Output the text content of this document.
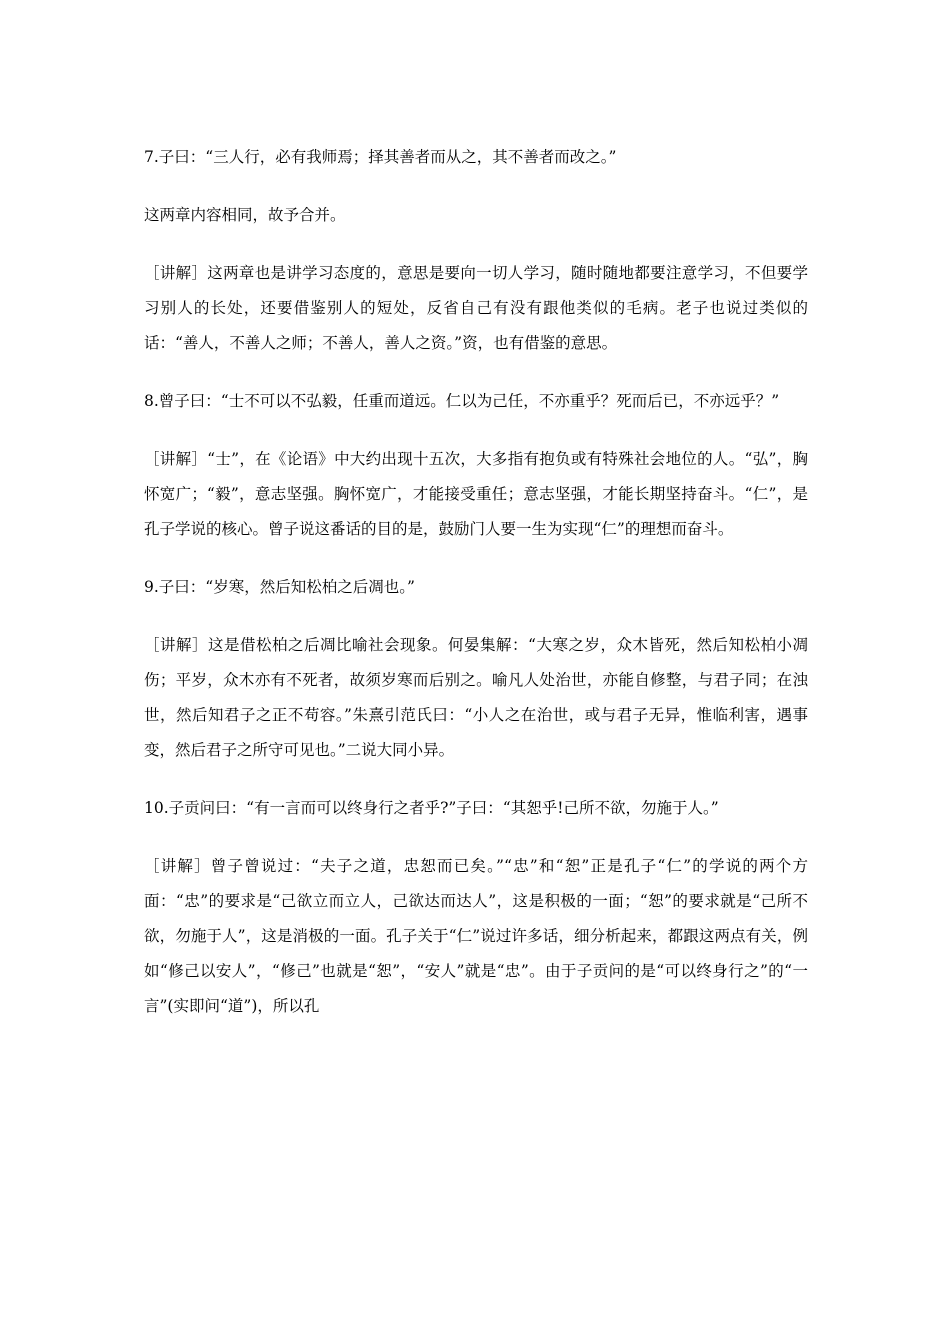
7.子曰：“三人行，必有我师焉；择其善者而从之，其不善者而改之。”

这两章内容相同，故予合并。

［讲解］这两章也是讲学习态度的，意思是要向一切人学习，随时随地都要注意学习，不但要学习别人的长处，还要借鉴别人的短处，反省自己有没有跟他类似的毛病。老子也说过类似的话：“善人，不善人之师；不善人，善人之资。”资，也有借鉴的意思。

8.曾子曰：“士不可以不弘毅，任重而道远。仁以为己任，不亦重乎？死而后已，不亦远乎？”

［讲解］“士”，在《论语》中大约出现十五次，大多指有抱负或有特殊社会地位的人。“弘”，胸怀宽广；“毅”，意志坚强。胸怀宽广，才能接受重任；意志坚强，才能长期坚持奋斗。“仁”，是孔子学说的核心。曾子说这番话的目的是，鼓励门人要一生为实现“仁”的理想而奋斗。

9.子曰：“岁寒，然后知松柏之后凋也。”

［讲解］这是借松柏之后凋比喻社会现象。何晏集解：“大寒之岁，众木皆死，然后知松柏小凋伤；平岁，众木亦有不死者，故须岁寒而后别之。喻凡人处治世，亦能自修整，与君子同；在浊世，然后知君子之正不苟容。”朱熹引范氏曰：“小人之在治世，或与君子无异，惟临利害，遇事变，然后君子之所守可见也。”二说大同小异。

10.子贡问曰：“有一言而可以终身行之者乎?”子曰：“其恕乎!己所不欲，勿施于人。”

［讲解］曾子曾说过：“夫子之道，忠恕而已矣。”“忠”和“恕”正是孔子“仁”的学说的两个方面：“忠”的要求是“己欲立而立人，己欲达而达人”，这是积极的一面；“恕”的要求就是“己所不欲，勿施于人”，这是消极的一面。孔子关于“仁”说过许多话，细分析起来，都跟这两点有关，例如“修己以安人”，“修己”也就是“恕”，“安人”就是“忠”。由于子贡问的是“可以终身行之”的“一言”(实即问“道”)，所以孔
